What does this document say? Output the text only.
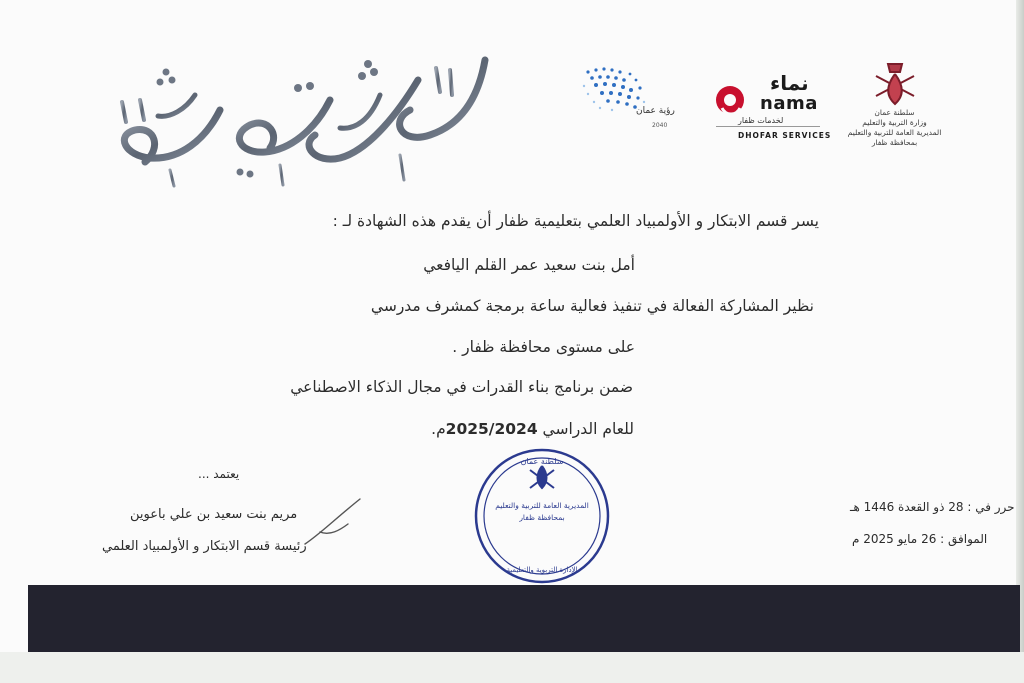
شهادة مشاركة
رؤية عمان
2040
نماء
nama
لخدمات ظفار
DHOFAR SERVICES
سلطنة عمان
وزارة التربية والتعليم
المديرية العامة للتربية والتعليم
بمحافظة ظفار
يسر قسم الابتكار و الأولمبياد العلمي بتعليمية ظفار أن يقدم هذه الشهادة لـ :
أمل بنت سعيد عمر القلم اليافعي
نظير المشاركة الفعالة في تنفيذ فعالية ساعة برمجة كمشرف مدرسي
على مستوى محافظة ظفار .
ضمن برنامج بناء القدرات في مجال الذكاء الاصطناعي
للعام الدراسي 2025/2024م.
حرر في : 28 ذو القعدة 1446 هـ
الموافق : 26 مايو 2025 م
يعتمد ...
مريم بنت سعيد بن علي باعوين
رئيسة قسم الابتكار و الأولمبياد العلمي
المديرية العامة للتربية والتعليم
بمحافظة ظفار
سلطنة عمان
الإدارة التربوية والتعليمية
